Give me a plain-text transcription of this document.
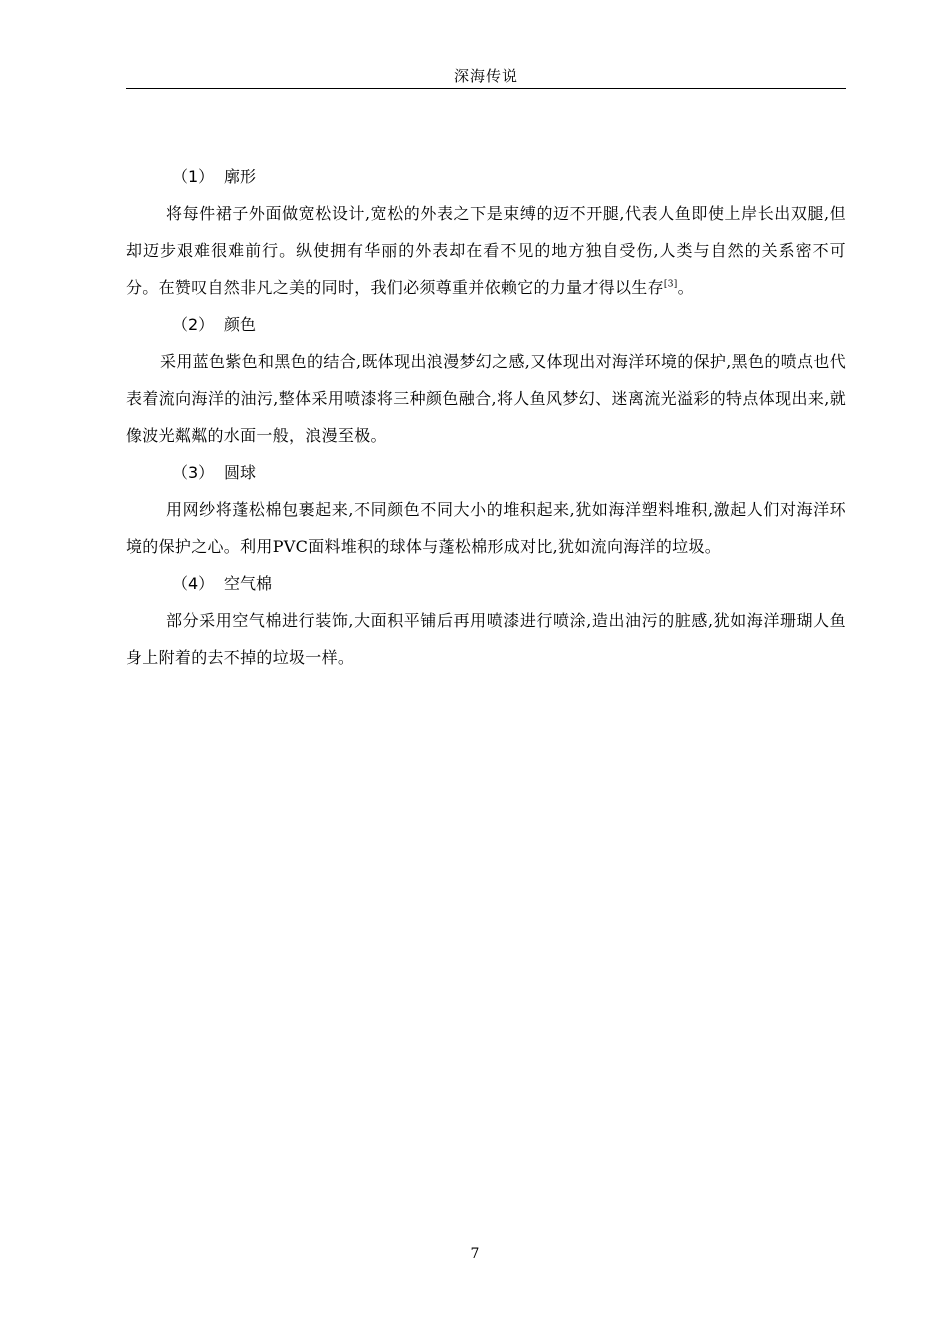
深海传说
（1） 廓形

将每件裙子外面做宽松设计,宽松的外表之下是束缚的迈不开腿,代表人鱼即使上岸长出双腿,但却迈步艰难很难前行。纵使拥有华丽的外表却在看不见的地方独自受伤,人类与自然的关系密不可分。在赞叹自然非凡之美的同时，我们必须尊重并依赖它的力量才得以生存[3]。

（2） 颜色

采用蓝色紫色和黑色的结合,既体现出浪漫梦幻之感,又体现出对海洋环境的保护,黑色的喷点也代表着流向海洋的油污,整体采用喷漆将三种颜色融合,将人鱼风梦幻、迷离流光溢彩的特点体现出来,就像波光粼粼的水面一般，浪漫至极。

（3） 圆球

用网纱将蓬松棉包裹起来,不同颜色不同大小的堆积起来,犹如海洋塑料堆积,激起人们对海洋环境的保护之心。利用PVC面料堆积的球体与蓬松棉形成对比,犹如流向海洋的垃圾。

（4） 空气棉

部分采用空气棉进行装饰,大面积平铺后再用喷漆进行喷涂,造出油污的脏感,犹如海洋珊瑚人鱼身上附着的去不掉的垃圾一样。

7
